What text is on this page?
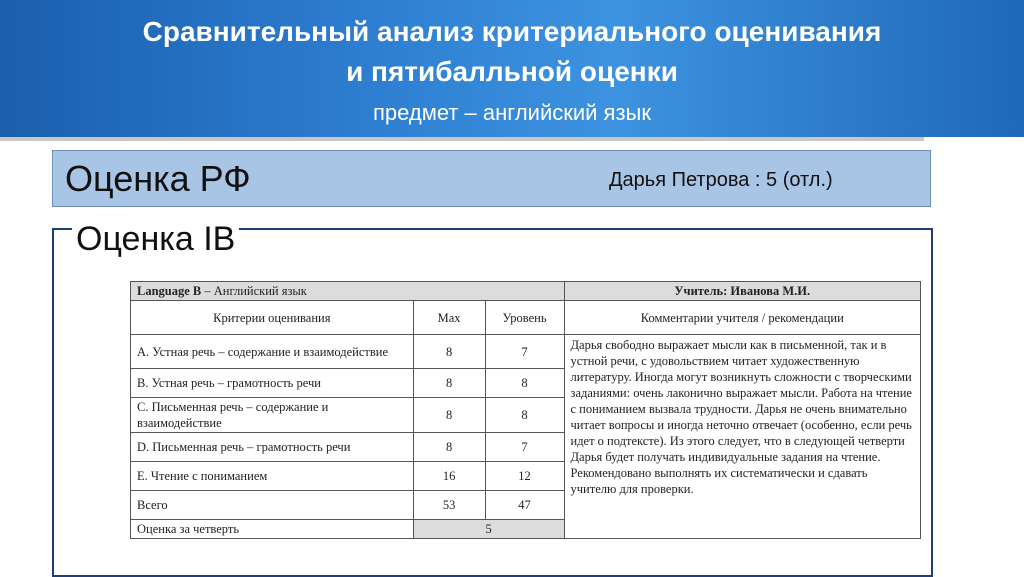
Сравнительный анализ критериального оценивания
и пятибалльной оценки
предмет – английский язык
Оценка РФ	Дарья Петрова : 5 (отл.)
Оценка IB
Language B – Английский язык			Учитель: Иванова М.И.
Критерии оценивания	Max	Уровень	Комментарии учителя / рекомендации
A. Устная речь – содержание и взаимодействие	8	7	Дарья свободно выражает мысли как в письменной, так и в устной речи, с удовольствием читает художественную литературу. Иногда могут возникнуть сложности с творческими заданиями: очень лаконично выражает мысли. Работа на чтение с пониманием вызвала трудности. Дарья не очень внимательно читает вопросы и иногда неточно отвечает (особенно, если речь идет о подтексте). Из этого следует, что в следующей четверти Дарья будет получать индивидуальные задания на чтение. Рекомендовано выполнять их систематически и сдавать учителю для проверки.
B. Устная речь – грамотность речи	8	8	
C. Письменная речь – содержание и взаимодействие	8	8	
D. Письменная речь – грамотность речи	8	7	
E. Чтение с пониманием	16	12	
Всего	53	47	
Оценка за четверть	5		
